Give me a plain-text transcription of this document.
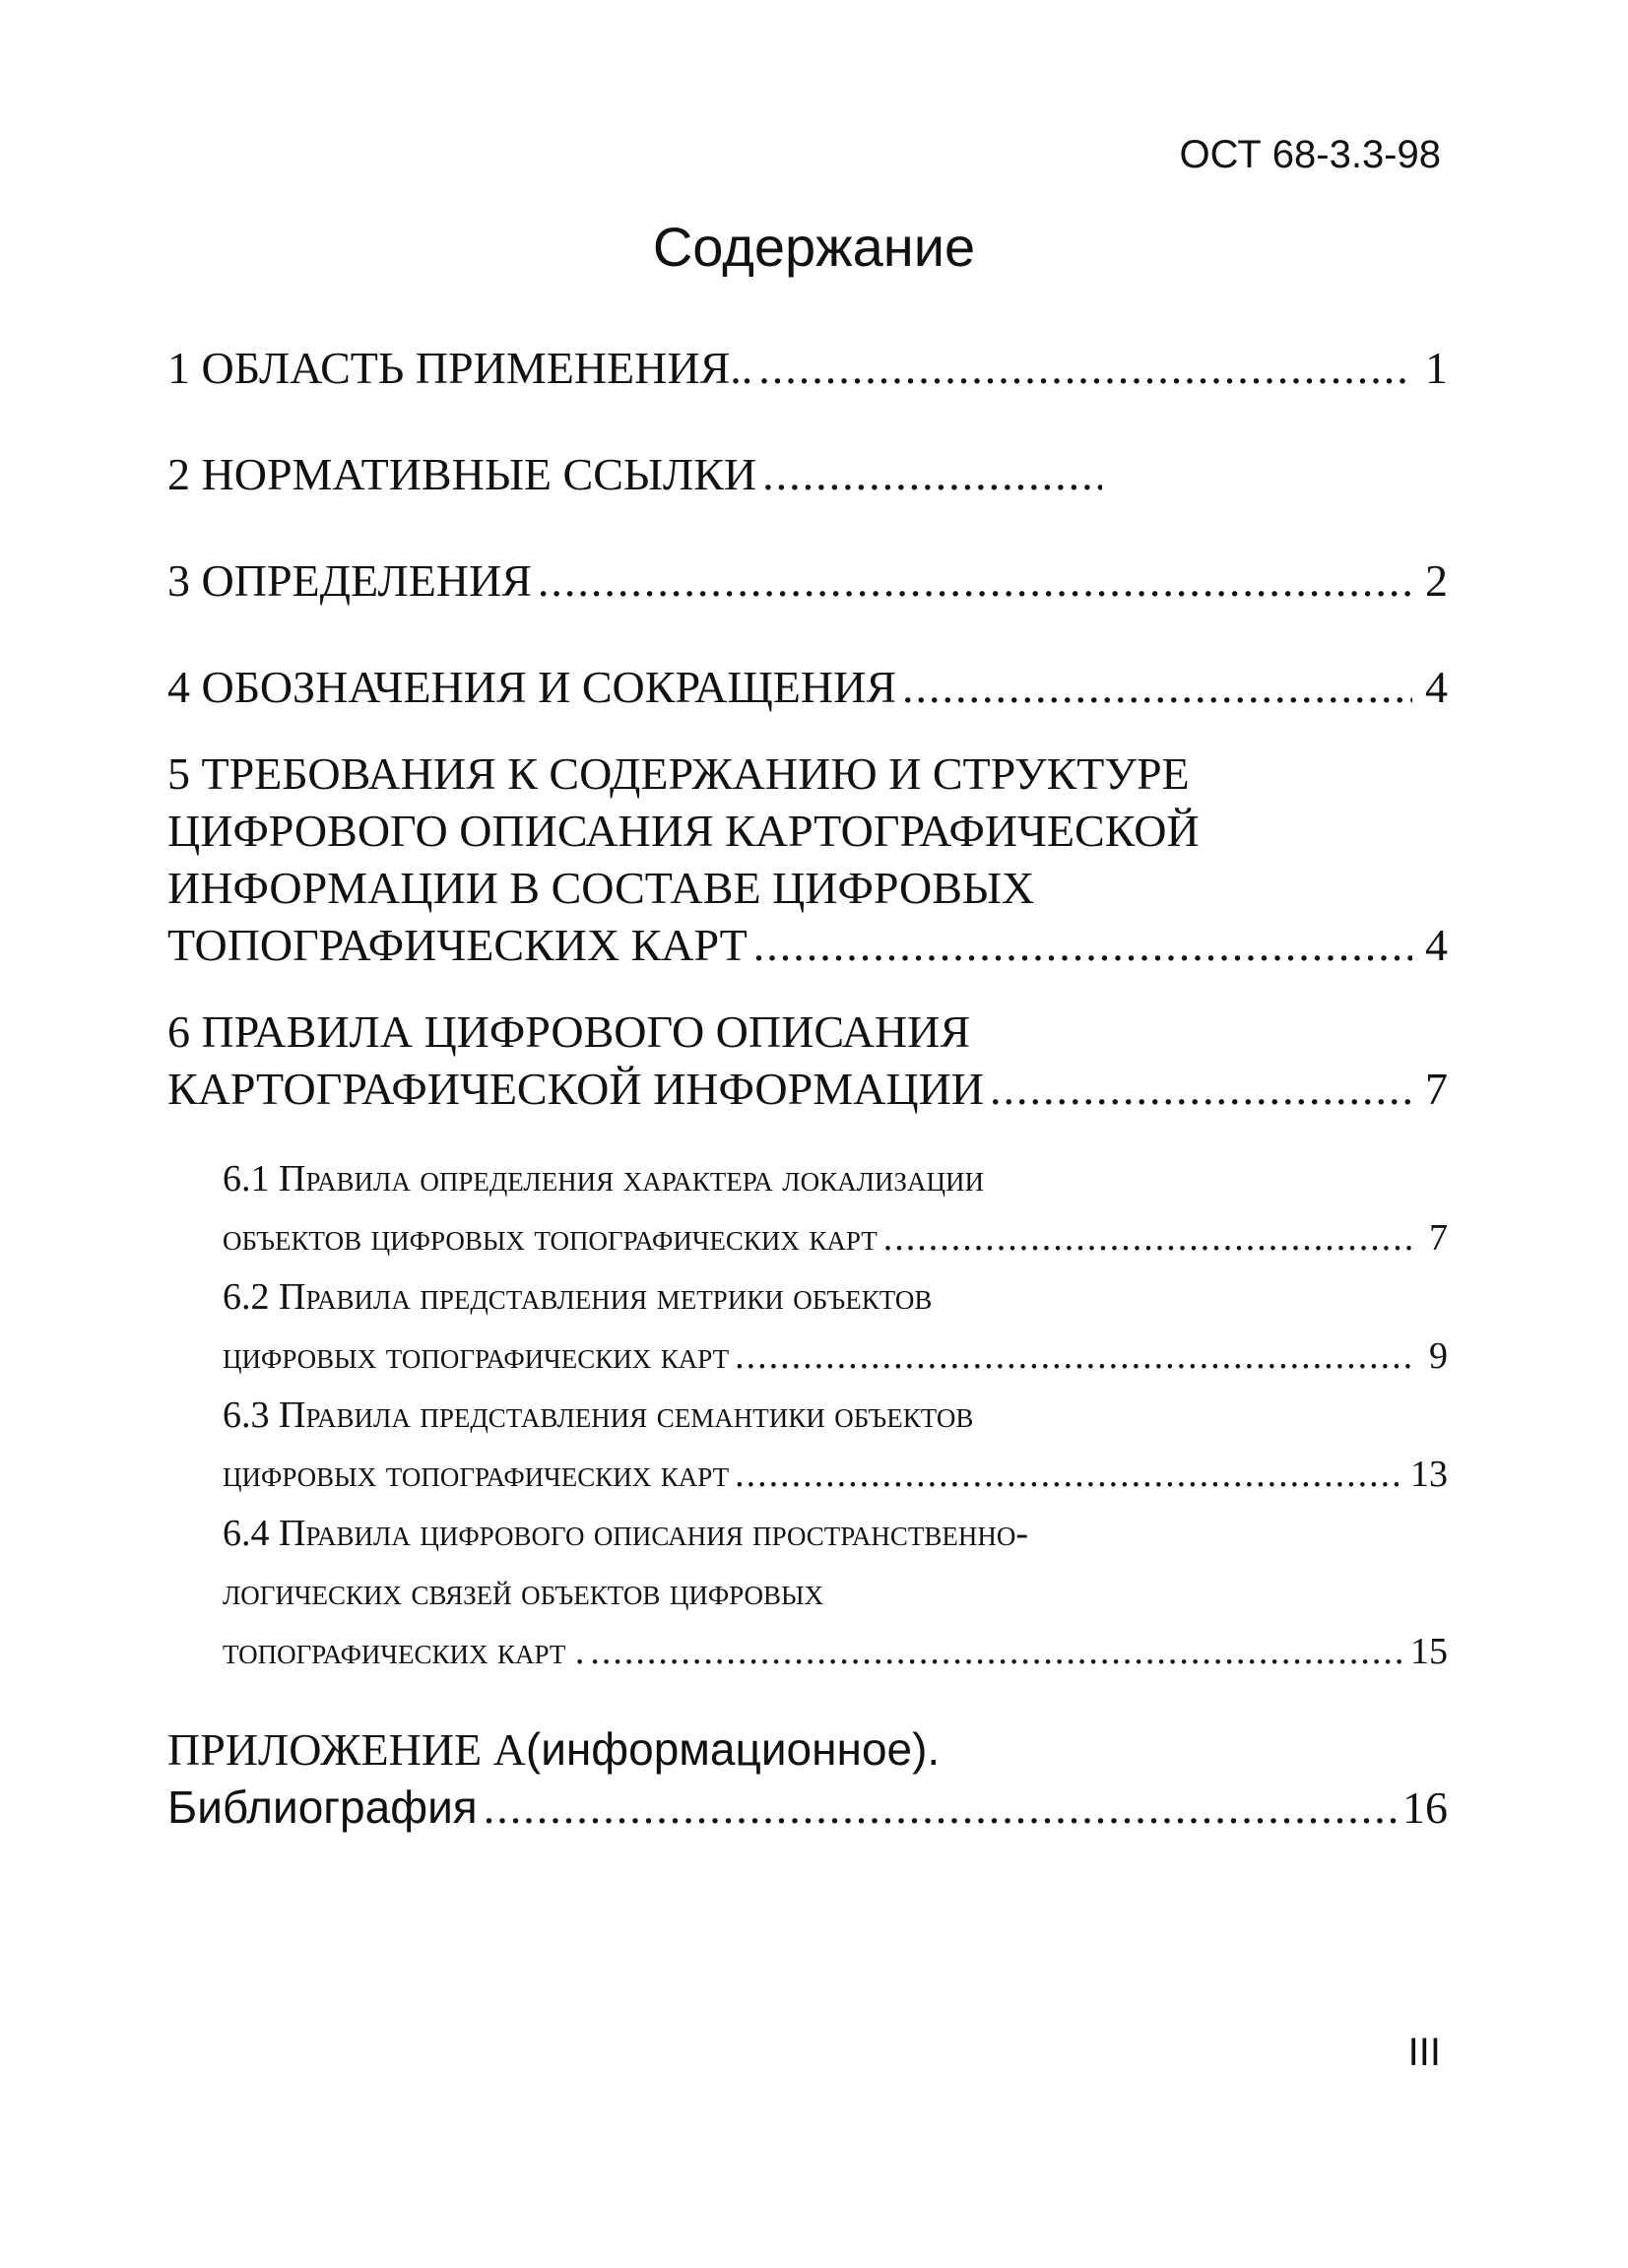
ОСТ 68-3.3-98
Содержание
1 ОБЛАСТЬ ПРИМЕНЕНИЯ.. .....	1
2 НОРМАТИВНЫЕ ССЫЛКИ
.....
3 ОПРЕДЕЛЕНИЯ .....	2
4 ОБОЗНАЧЕНИЯ И СОКРАЩЕНИЯ .....	4
5 ТРЕБОВАНИЯ К СОДЕРЖАНИЮ И СТРУКТУРЕ
ЦИФРОВОГО ОПИСАНИЯ КАРТОГРАФИЧЕСКОЙ
ИНФОРМАЦИИ В СОСТАВЕ ЦИФРОВЫХ
ТОПОГРАФИЧЕСКИХ КАРТ .....	4
6 ПРАВИЛА ЦИФРОВОГО ОПИСАНИЯ
КАРТОГРАФИЧЕСКОЙ ИНФОРМАЦИИ .....	7
6.1 Правила определения характера локализации
объектов цифровых топографических карт .....	7
6.2 Правила представления метрики объектов
цифровых топографических карт .....	9
6.3 Правила представления семантики объектов
цифровых топографических карт .....	13
6.4 Правила цифрового описания пространственно-
логических связей объектов цифровых
топографических карт . .....	15
ПРИЛОЖЕНИЕ А (информационное).
Библиография .....	16
III
